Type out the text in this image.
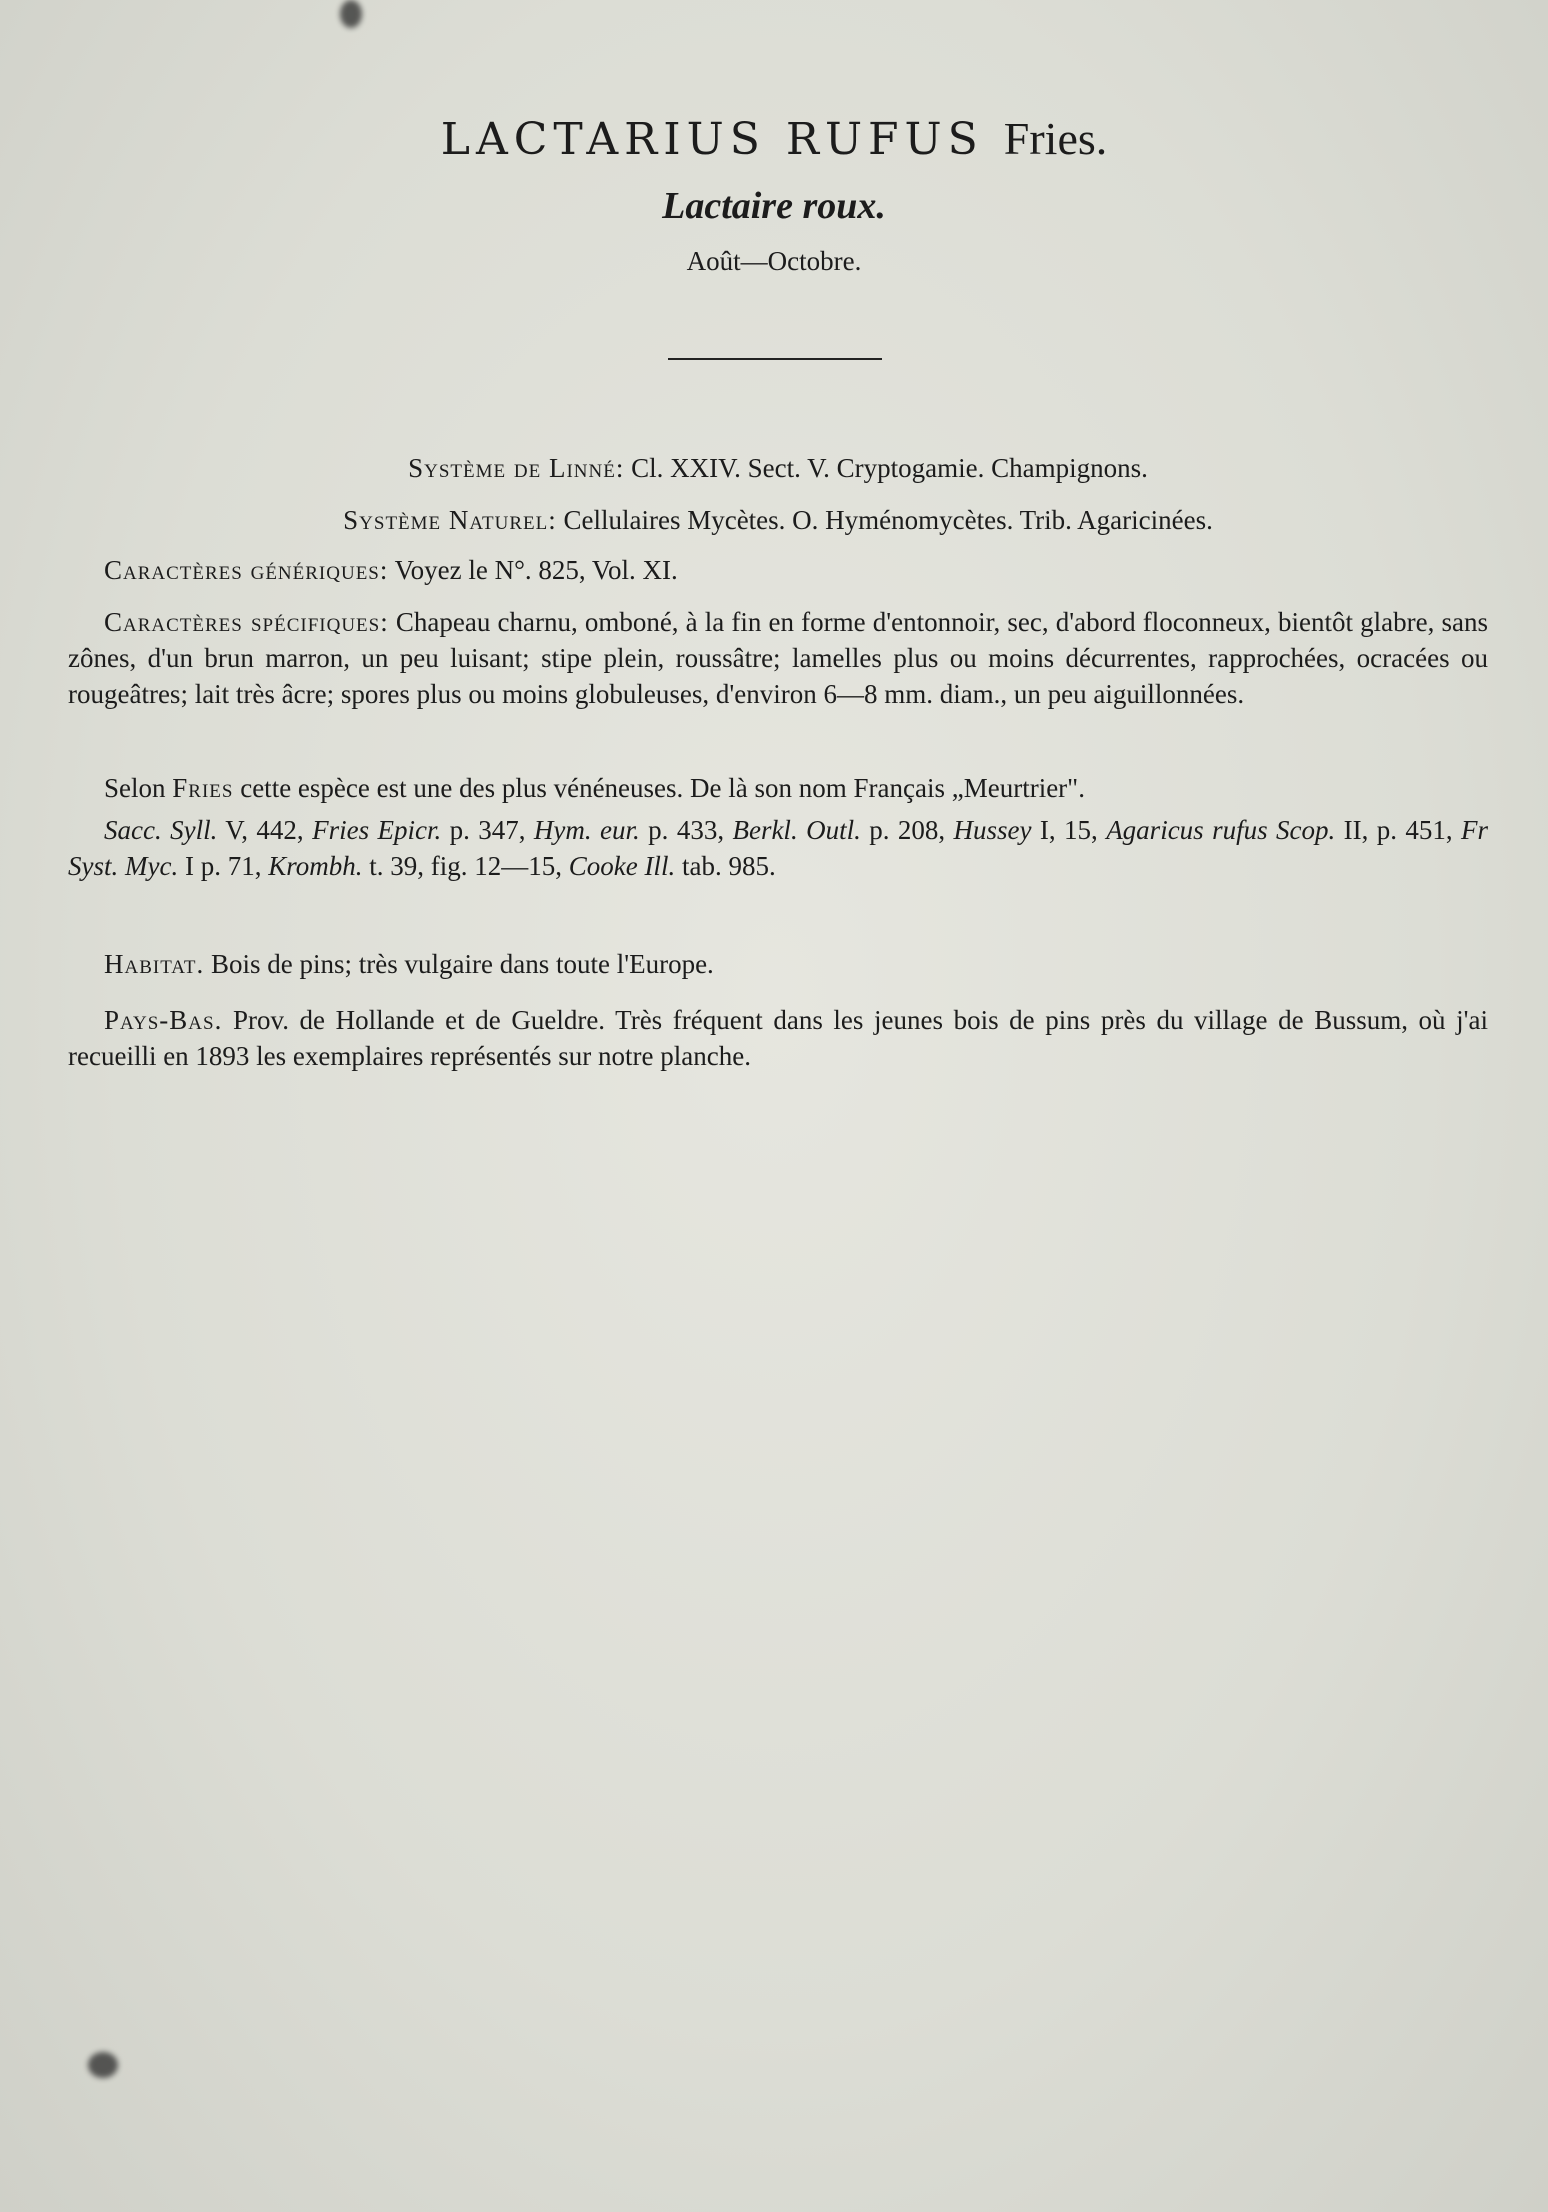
LACTARIUS RUFUS Fries.
Lactaire roux.
Août—Octobre.
Système de Linné: Cl. XXIV. Sect. V. Cryptogamie. Champignons.
Système Naturel: Cellulaires Mycètes. O. Hyménomycètes. Trib. Agaricinées.
Caractères génériques: Voyez le N°. 825, Vol. XI.
Caractères spécifiques: Chapeau charnu, omboné, à la fin en forme d'entonnoir, sec, d'abord floconneux, bientôt glabre, sans zônes, d'un brun marron, un peu luisant; stipe plein, roussâtre; lamelles plus ou moins décurrentes, rapprochées, ocracées ou rougeâtres; lait très âcre; spores plus ou moins globuleuses, d'environ 6—8 mm. diam., un peu aiguillonnées.
Selon Fries cette espèce est une des plus vénéneuses. De là son nom Français „Meurtrier".
Sacc. Syll. V, 442, Fries Epicr. p. 347, Hym. eur. p. 433, Berkl. Outl. p. 208, Hussey I, 15, Agaricus rufus Scop. II, p. 451, Fr Syst. Myc. I p. 71, Krombh. t. 39, fig. 12—15, Cooke Ill. tab. 985.
Habitat. Bois de pins; très vulgaire dans toute l'Europe.
Pays-Bas. Prov. de Hollande et de Gueldre. Très fréquent dans les jeunes bois de pins près du village de Bussum, où j'ai recueilli en 1893 les exemplaires représentés sur notre planche.
